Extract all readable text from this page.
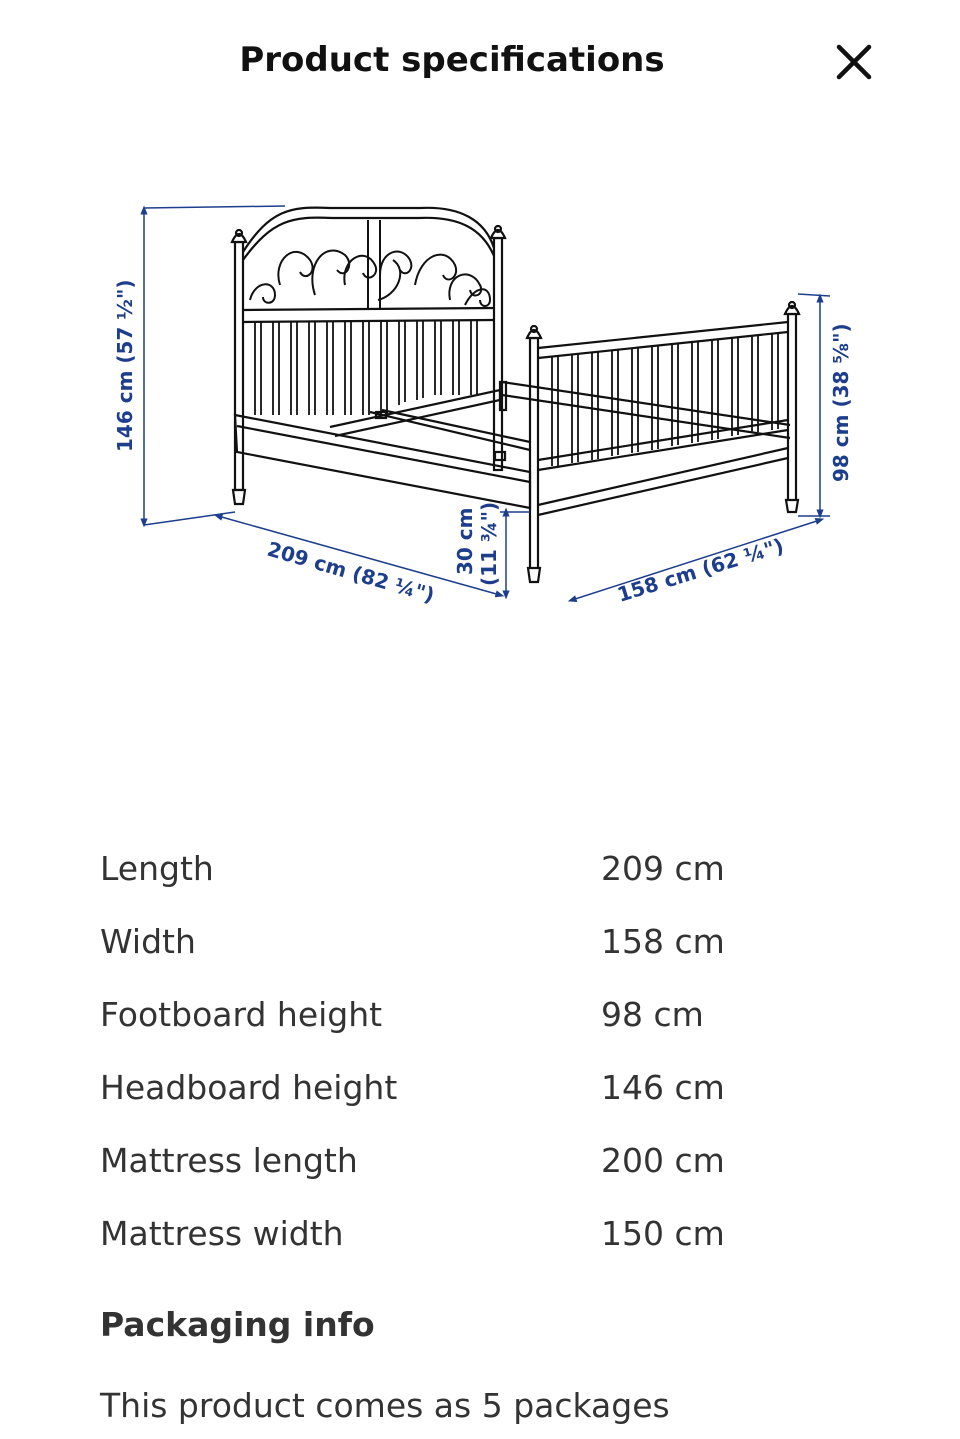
Product specifications
146 cm (57 ½")
209 cm (82 ¼") 30 cm (11 ¾")	158 cm (62 ¼")
98 cm (38 ⅝")
Length	209 cm
Width	158 cm
Footboard height	98 cm
Headboard height	146 cm
Mattress length	200 cm
Mattress width	150 cm
Packaging info
This product comes as 5 packages
